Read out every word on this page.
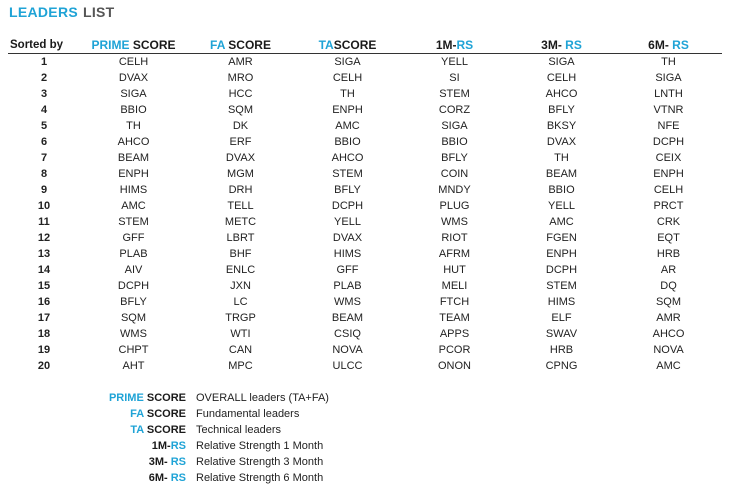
LEADERS LIST
Sorted by	PRIME SCORE	FA SCORE	TASCORE	1M-RS	3M- RS	6M- RS
1	CELH	AMR	SIGA	YELL	SIGA	TH
2	DVAX	MRO	CELH	SI	CELH	SIGA
3	SIGA	HCC	TH	STEM	AHCO	LNTH
4	BBIO	SQM	ENPH	CORZ	BFLY	VTNR
5	TH	DK	AMC	SIGA	BKSY	NFE
6	AHCO	ERF	BBIO	BBIO	DVAX	DCPH
7	BEAM	DVAX	AHCO	BFLY	TH	CEIX
8	ENPH	MGM	STEM	COIN	BEAM	ENPH
9	HIMS	DRH	BFLY	MNDY	BBIO	CELH
10	AMC	TELL	DCPH	PLUG	YELL	PRCT
11	STEM	METC	YELL	WMS	AMC	CRK
12	GFF	LBRT	DVAX	RIOT	FGEN	EQT
13	PLAB	BHF	HIMS	AFRM	ENPH	HRB
14	AIV	ENLC	GFF	HUT	DCPH	AR
15	DCPH	JXN	PLAB	MELI	STEM	DQ
16	BFLY	LC	WMS	FTCH	HIMS	SQM
17	SQM	TRGP	BEAM	TEAM	ELF	AMR
18	WMS	WTI	CSIQ	APPS	SWAV	AHCO
19	CHPT	CAN	NOVA	PCOR	HRB	NOVA
20	AHT	MPC	ULCC	ONON	CPNG	AMC
PRIME SCORE	OVERALL leaders (TA+FA)
FA SCORE	Fundamental leaders
TA SCORE	Technical leaders
1M-RS	Relative Strength 1 Month
3M- RS	Relative Strength 3 Month
6M- RS	Relative Strength 6 Month
